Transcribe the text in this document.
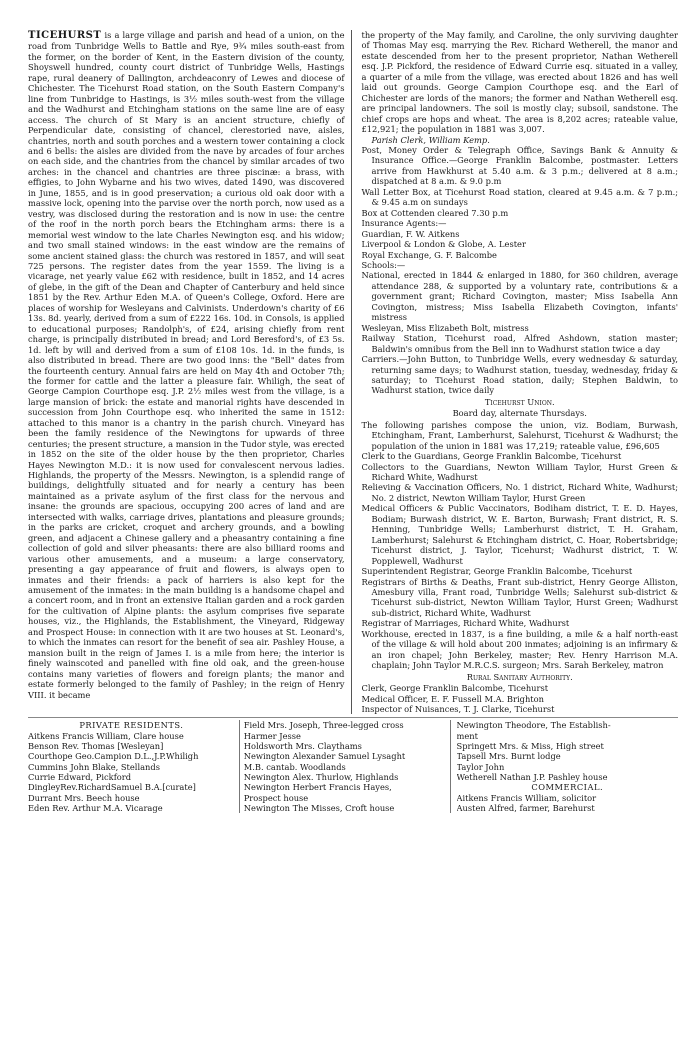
TICEHURST is a large village and parish and head of a union, on the road from Tunbridge Wells to Battle and Rye, 9¾ miles south-east from the former, on the border of Kent, in the Eastern division of the county, Shoyswell hundred, county court district of Tunbridge Wells, Hastings rape, rural deanery of Dallington, archdeaconry of Lewes and diocese of Chichester. The Ticehurst Road station, on the South Eastern Company's line from Tunbridge to Hastings, is 3½ miles south-west from the village and the Wadhurst and Etchingham stations on the same line are of easy access. The church of St Mary is an ancient structure, chiefly of Perpendicular date, consisting of chancel, clerestoried nave, aisles, chantries, north and south porches and a western tower containing a clock and 6 bells: the aisles are divided from the nave by arcades of four arches on each side, and the chantries from the chancel by similar arcades of two arches: in the chancel and chantries are three piscinæ: a brass, with effigies, to John Wybarne and his two wives, dated 1490, was discovered in June, 1855, and is in good preservation; a curious old oak door with a massive lock, opening into the parvise over the north porch, now used as a vestry, was disclosed during the restoration and is now in use: the centre of the roof in the north porch bears the Etchingham arms: there is a memorial west window to the late Charles Newington esq. and his widow; and two small stained windows: in the east window are the remains of some ancient stained glass: the church was restored in 1857, and will seat 725 persons. The register dates from the year 1559. The living is a vicarage, net yearly value £62 with residence, built in 1852, and 14 acres of glebe, in the gift of the Dean and Chapter of Canterbury and held since 1851 by the Rev. Arthur Eden M.A. of Queen's College, Oxford. Here are places of worship for Wesleyans and Calvinists. Underdown's charity of £6 13s. 8d. yearly, derived from a sum of £222 16s. 10d. in Consols, is applied to educational purposes; Randolph's, of £24, arising chiefly from rent charge, is principally distributed in bread; and Lord Beresford's, of £3 5s. 1d. left by will and derived from a sum of £108 10s. 1d. in the funds, is also distributed in bread. There are two good inns: the "Bell" dates from the fourteenth century. Annual fairs are held on May 4th and October 7th; the former for cattle and the latter a pleasure fair. Whiligh, the seat of George Campion Courthope esq. J.P. 2½ miles west from the village, is a large mansion of brick: the estate and manorial rights have descended in succession from John Courthope esq. who inherited the same in 1512: attached to this manor is a chantry in the parish church. Vineyard has been the family residence of the Newingtons for upwards of three centuries; the present structure, a mansion in the Tudor style, was erected in 1852 on the site of the older house by the then proprietor, Charles Hayes Newington M.D.: it is now used for convalescent nervous ladies. Highlands, the property of the Messrs. Newington, is a splendid range of buildings, delightfully situated and for nearly a century has been maintained as a private asylum of the first class for the nervous and insane: the grounds are spacious, occupying 200 acres of land and are intersected with walks, carriage drives, plantations and pleasure grounds; in the parks are cricket, croquet and archery grounds, and a bowling green, and adjacent a Chinese gallery and a pheasantry containing a fine collection of gold and silver pheasants: there are also billiard rooms and various other amusements, and a museum: a large conservatory, presenting a gay appearance of fruit and flowers, is always open to inmates and their friends: a pack of harriers is also kept for the amusement of the inmates: in the main building is a handsome chapel and a concert room, and in front an extensive Italian garden and a rock garden for the cultivation of Alpine plants: the asylum comprises five separate houses, viz., the Highlands, the Establishment, the Vineyard, Ridgeway and Prospect House: in connection with it are two houses at St. Leonard's, to which the inmates can resort for the benefit of sea air. Pashley House, a mansion built in the reign of James I. is a mile from here; the interior is finely wainscoted and panelled with fine old oak, and the green-house contains many varieties of flowers and foreign plants; the manor and estate formerly belonged to the family of Pashley; in the reign of Henry VIII. it became

the property of the May family, and Caroline, the only surviving daughter of Thomas May esq. marrying the Rev. Richard Wetherell, the manor and estate descended from her to the present proprietor, Nathan Wetherell esq. J.P. Pickford, the residence of Edward Currie esq. situated in a valley, a quarter of a mile from the village, was erected about 1826 and has well laid out grounds. George Campion Courthope esq. and the Earl of Chichester are lords of the manors; the former and Nathan Wetherell esq. are principal landowners. The soil is mostly clay; subsoil, sandstone. The chief crops are hops and wheat. The area is 8,202 acres; rateable value, £12,921; the population in 1881 was 3,007.

Parish Clerk, William Kemp.

Post, Money Order & Telegraph Office, Savings Bank & Annuity & Insurance Office.—George Franklin Balcombe, postmaster. Letters arrive from Hawkhurst at 5.40 a.m. & 3 p.m.; delivered at 8 a.m.; dispatched at 8 a.m. & 9.0 p.m

Wall Letter Box, at Ticehurst Road station, cleared at 9.45 a.m. & 7 p.m.; & 9.45 a.m on sundays

Box at Cottenden cleared 7.30 p.m

Insurance Agents:—

Guardian, F. W. Aitkens

Liverpool & London & Globe, A. Lester

Royal Exchange, G. F. Balcombe

Schools:—

National, erected in 1844 & enlarged in 1880, for 360 children, average attendance 288, & supported by a voluntary rate, contributions & a government grant; Richard Covington, master; Miss Isabella Ann Covington, mistress; Miss Isabella Elizabeth Covington, infants' mistress

Wesleyan, Miss Elizabeth Bolt, mistress

Railway Station, Ticehurst road, Alfred Ashdown, station master; Baldwin's omnibus from the Bell inn to Wadhurst station twice a day

Carriers.—John Button, to Tunbridge Wells, every wednesday & saturday, returning same days; to Wadhurst station, tuesday, wednesday, friday & saturday; to Ticehurst Road station, daily; Stephen Baldwin, to Wadhurst station, twice daily

Ticehurst Union.

Board day, alternate Thursdays.

The following parishes compose the union, viz. Bodiam, Burwash, Etchingham, Frant, Lamberhurst, Salehurst, Ticehurst & Wadhurst; the population of the union in 1881 was 17,219; rateable value, £96,605

Clerk to the Guardians, George Franklin Balcombe, Ticehurst

Collectors to the Guardians, Newton William Taylor, Hurst Green & Richard White, Wadhurst

Relieving & Vaccination Officers, No. 1 district, Richard White, Wadhurst; No. 2 district, Newton William Taylor, Hurst Green

Medical Officers & Public Vaccinators, Bodiham district, T. E. D. Hayes, Bodiam; Burwash district, W. E. Barton, Burwash; Frant district, R. S. Henning, Tunbridge Wells; Lamberhurst district, T. H. Graham, Lamberhurst; Salehurst & Etchingham district, C. Hoar, Robertsbridge; Ticehurst district, J. Taylor, Ticehurst; Wadhurst district, T. W. Popplewell, Wadhurst

Superintendent Registrar, George Franklin Balcombe, Ticehurst

Registrars of Births & Deaths, Frant sub-district, Henry George Alliston, Amesbury villa, Frant road, Tunbridge Wells; Salehurst sub-district & Ticehurst sub-district, Newton William Taylor, Hurst Green; Wadhurst sub-district, Richard White, Wadhurst

Registrar of Marriages, Richard White, Wadhurst

Workhouse, erected in 1837, is a fine building, a mile & a half north-east of the village & will hold about 200 inmates; adjoining is an infirmary & an iron chapel; John Berkeley, master; Rev. Henry Harrison M.A. chaplain; John Taylor M.R.C.S. surgeon; Mrs. Sarah Berkeley, matron

Rural Sanitary Authority.

Clerk, George Franklin Balcombe, Ticehurst

Medical Officer, E. F. Fussell M.A. Brighton

Inspector of Nuisances, T. J. Clarke, Ticehurst

PRIVATE RESIDENTS.
Aitkens Francis William, Clare house
Benson Rev. Thomas [Wesleyan]
Courthope Geo.Campion D.L.,J.P.Whiligh
Cummins John Blake, Stellands
Currie Edward, Pickford
DingleyRev.RichardSamuel B.A.[curate]
Durrant Mrs. Beech house
Eden Rev. Arthur M.A. Vicarage
Field Mrs. Joseph, Three-legged cross
Harmer Jesse
Holdsworth Mrs. Claythams
Newington Alexander Samuel Lysaght
M.B. cantab. Woodlands
Newington Alex. Thurlow, Highlands
Newington Herbert Francis Hayes,
Prospect house
Newington The Misses, Croft house
Newington Theodore, The Establish-
ment
Springett Mrs. & Miss, High street
Tapsell Mrs. Burnt lodge
Taylor John
Wetherell Nathan J.P. Pashley house
COMMERCIAL.
Aitkens Francis William, solicitor
Austen Alfred, farmer, Barehurst
